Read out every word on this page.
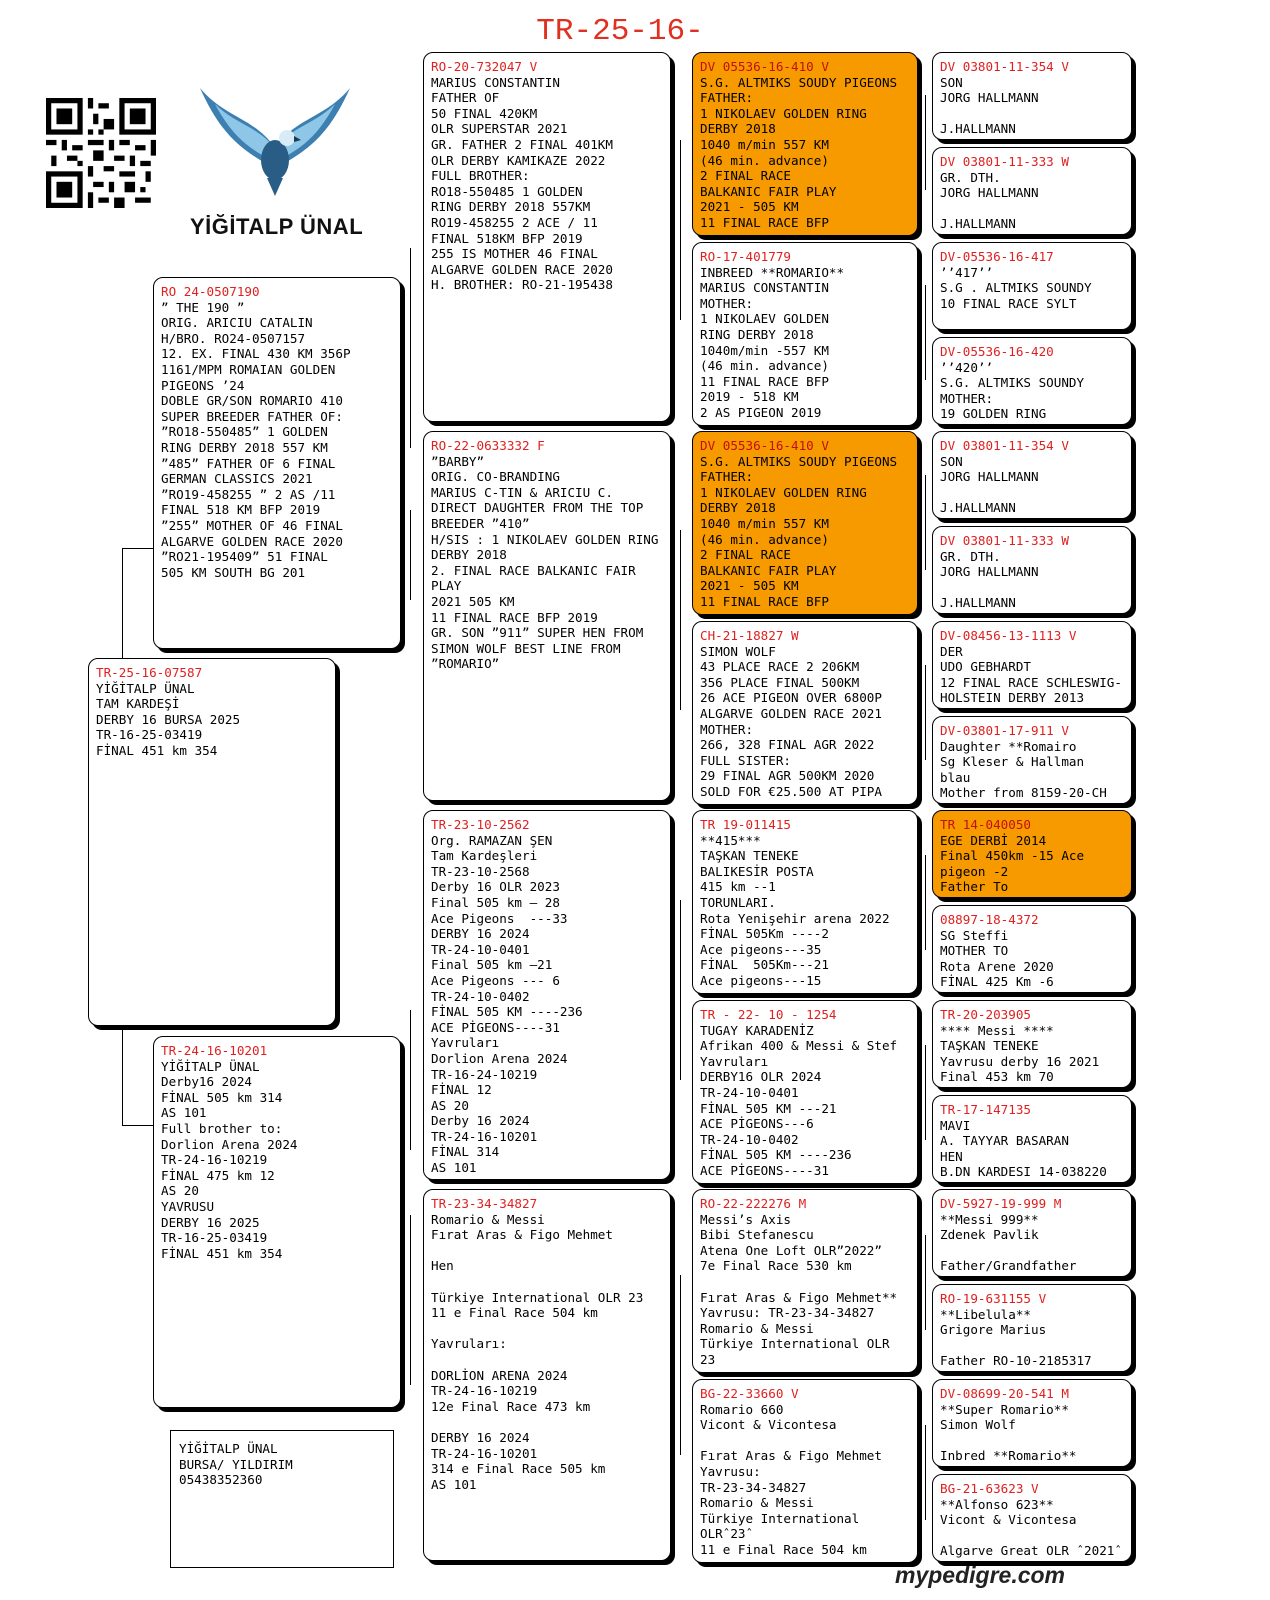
TR-25-16-
YİĞİTALP ÜNAL
TR-25-16-07587
YİĞİTALP ÜNAL
TAM KARDEŞİ
DERBY 16 BURSA 2025
TR-16-25-03419
FİNAL 451 km 354
RO 24-0507190
” THE 190 ”
ORIG. ARICIU CATALIN
H/BRO. RO24-0507157
12. EX. FINAL 430 KM 356P
1161/MPM ROMAIAN GOLDEN
PIGEONS ’24
DOBLE GR/SON ROMARIO 410
SUPER BREEDER FATHER OF:
”RO18-550485” 1 GOLDEN
RING DERBY 2018 557 KM
”485” FATHER OF 6 FINAL
GERMAN CLASSICS 2021
”RO19-458255 ” 2 AS /11
FINAL 518 KM BFP 2019
”255” MOTHER OF 46 FINAL
ALGARVE GOLDEN RACE 2020
”RO21-195409” 51 FINAL
505 KM SOUTH BG 201
TR-24-16-10201
YİĞİTALP ÜNAL
Derby16 2024
FİNAL 505 km 314
AS 101
Full brother to:
Dorlion Arena 2024
TR-24-16-10219
FİNAL 475 km 12
AS 20
YAVRUSU
DERBY 16 2025
TR-16-25-03419
FİNAL 451 km 354
RO-20-732047 V
MARIUS CONSTANTIN
FATHER OF
50 FINAL 420KM
OLR SUPERSTAR 2021
GR. FATHER 2 FINAL 401KM
OLR DERBY KAMIKAZE 2022
FULL BROTHER:
RO18-550485 1 GOLDEN
RING DERBY 2018 557KM
RO19-458255 2 ACE / 11
FINAL 518KM BFP 2019
255 IS MOTHER 46 FINAL
ALGARVE GOLDEN RACE 2020
H. BROTHER: RO-21-195438
RO-22-0633332 F
”BARBY”
ORIG. CO-BRANDING
MARIUS C-TIN & ARICIU C.
DIRECT DAUGHTER FROM THE TOP
BREEDER ”410”
H/SIS : 1 NIKOLAEV GOLDEN RING
DERBY 2018
2. FINAL RACE BALKANIC FAIR PLAY
2021 505 KM
11 FINAL RACE BFP 2019
GR. SON ”911” SUPER HEN FROM
SIMON WOLF BEST LINE FROM
”ROMARIO”
TR-23-10-2562
Org. RAMAZAN ŞEN
Tam Kardeşleri
TR-23-10-2568
Derby 16 OLR 2023
Final 505 km — 28
Ace Pigeons  ---33
DERBY 16 2024
TR-24-10-0401
Final 505 km —21
Ace Pigeons --- 6
TR-24-10-0402
FİNAL 505 KM ----236
ACE PİGEONS----31
Yavruları
Dorlion Arena 2024
TR-16-24-10219
FİNAL 12
AS 20
Derby 16 2024
TR-24-16-10201
FİNAL 314
AS 101
TR-23-34-34827
Romario & Messi
Fırat Aras & Figo Mehmet

Hen

Türkiye International OLR 23
11 e Final Race 504 km

Yavruları:

DORLİON ARENA 2024
TR-24-16-10219
12e Final Race 473 km

DERBY 16 2024
TR-24-16-10201
314 e Final Race 505 km
AS 101
DV 05536-16-410 V
S.G. ALTMIKS SOUDY PIGEONS
FATHER:
1 NIKOLAEV GOLDEN RING
DERBY 2018
1040 m/min 557 KM
(46 min. advance)
2 FINAL RACE
BALKANIC FAIR PLAY
2021 - 505 KM
11 FINAL RACE BFP
RO-17-401779
INBREED **ROMARIO**
MARIUS CONSTANTIN
MOTHER:
1 NIKOLAEV GOLDEN
RING DERBY 2018
1040m/min -557 KM
(46 min. advance)
11 FINAL RACE BFP
2019 - 518 KM
2 AS PIGEON 2019
DV 05536-16-410 V
S.G. ALTMIKS SOUDY PIGEONS
FATHER:
1 NIKOLAEV GOLDEN RING
DERBY 2018
1040 m/min 557 KM
(46 min. advance)
2 FINAL RACE
BALKANIC FAIR PLAY
2021 - 505 KM
11 FINAL RACE BFP
CH-21-18827 W
SIMON WOLF
43 PLACE RACE 2 206KM
356 PLACE FINAL 500KM
26 ACE PIGEON OVER 6800P
ALGARVE GOLDEN RACE 2021
MOTHER:
266, 328 FINAL AGR 2022
FULL SISTER:
29 FINAL AGR 500KM 2020
SOLD FOR €25.500 AT PIPA
TR 19-011415
**415***
TAŞKAN TENEKE
BALIKESİR POSTA
415 km --1
TORUNLARI.
Rota Yenişehir arena 2022
FİNAL 505Km ----2
Ace pigeons---35
FİNAL  505Km---21
Ace pigeons---15
TR - 22- 10 - 1254
TUGAY KARADENİZ
Afrikan 400 & Messi & Stef
Yavruları
DERBY16 OLR 2024
TR-24-10-0401
FİNAL 505 KM ---21
ACE PİGEONS---6
TR-24-10-0402
FİNAL 505 KM ----236
ACE PİGEONS----31
RO-22-222276 M
Messi’s Axis
Bibi Stefanescu
Atena One Loft OLR”2022”
7e Final Race 530 km

Fırat Aras & Figo Mehmet**
Yavrusu: TR-23-34-34827
Romario & Messi
Türkiye International OLR
23
BG-22-33660 V
Romario 660
Vicont & Vicontesa

Fırat Aras & Figo Mehmet
Yavrusu:
TR-23-34-34827
Romario & Messi
Türkiye International
OLRˆ23ˆ
11 e Final Race 504 km
DV 03801-11-354 V
SON
JORG HALLMANN

J.HALLMANN
DV 03801-11-333 W
GR. DTH.
JORG HALLMANN

J.HALLMANN
DV-05536-16-417
’’417’’
S.G . ALTMIKS SOUNDY
10 FINAL RACE SYLT
DV-05536-16-420
’’420’’
S.G. ALTMIKS SOUNDY
MOTHER:
19 GOLDEN RING
DV 03801-11-354 V
SON
JORG HALLMANN

J.HALLMANN
DV 03801-11-333 W
GR. DTH.
JORG HALLMANN

J.HALLMANN
DV-08456-13-1113 V
DER
UDO GEBHARDT
12 FINAL RACE SCHLESWIG-
HOLSTEIN DERBY 2013
DV-03801-17-911 V
Daughter **Romairo
Sg Kleser & Hallman
blau
Mother from 8159-20-CH
TR 14-040050
EGE DERBİ 2014
Final 450km -15 Ace
pigeon -2
Father To
08897-18-4372
SG Steffi
MOTHER TO
Rota Arene 2020
FİNAL 425 Km -6
TR-20-203905
**** Messi ****
TAŞKAN TENEKE
Yavrusu derby 16 2021
Final 453 km 70
TR-17-147135
MAVI
A. TAYYAR BASARAN
HEN
B.DN KARDESI 14-038220
DV-5927-19-999 M
**Messi 999**
Zdenek Pavlik

Father/Grandfather
RO-19-631155 V
**Libelula**
Grigore Marius

Father RO-10-2185317
DV-08699-20-541 M
**Super Romario**
Simon Wolf

Inbred **Romario**
BG-21-63623 V
**Alfonso 623**
Vicont & Vicontesa

Algarve Great OLR ˆ2021ˆ
YİĞİTALP ÜNAL
BURSA/ YILDIRIM
05438352360
mypedigre.com
